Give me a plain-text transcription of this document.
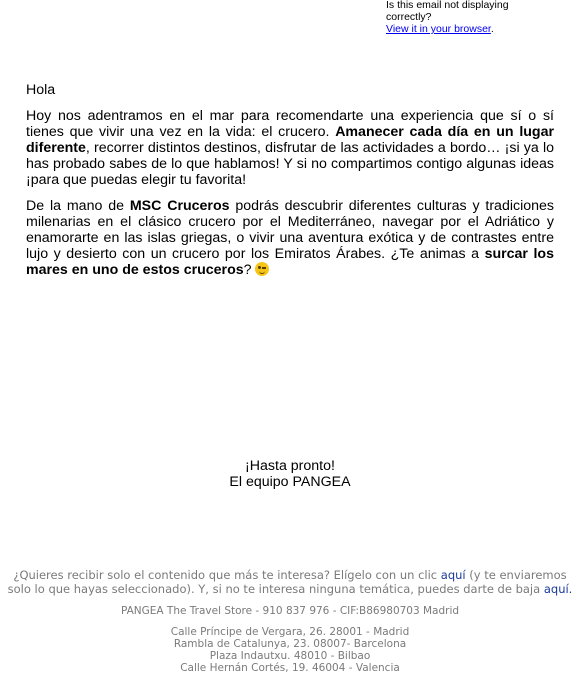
Is this email not displaying correctly?
View it in your browser.
Hola

Hoy nos adentramos en el mar para recomendarte una experiencia que sí o sí tienes que vivir una vez en la vida: el crucero. Amanecer cada día en un lugar diferente, recorrer distintos destinos, disfrutar de las actividades a bordo… ¡si ya lo has probado sabes de lo que hablamos! Y si no compartimos contigo algunas ideas ¡para que puedas elegir tu favorita!

De la mano de MSC Cruceros podrás descubrir diferentes culturas y tradiciones milenarias en el clásico crucero por el Mediterráneo, navegar por el Adriático y enamorarte en las islas griegas, o vivir una aventura exótica y de contrastes entre lujo y desierto con un crucero por los Emiratos Árabes. ¿Te animas a surcar los mares en uno de estos cruceros?

¡Hasta pronto!
El equipo PANGEA
¿Quieres recibir solo el contenido que más te interesa? Elígelo con un clic aquí (y te enviaremos solo lo que hayas seleccionado). Y, si no te interesa ninguna temática, puedes darte de baja aquí.
PANGEA The Travel Store - 910 837 976 - CIF:B86980703 Madrid
Calle Príncipe de Vergara, 26. 28001 - Madrid
Rambla de Catalunya, 23. 08007- Barcelona
Plaza Indautxu. 48010 - Bilbao
Calle Hernán Cortés, 19. 46004 - Valencia
